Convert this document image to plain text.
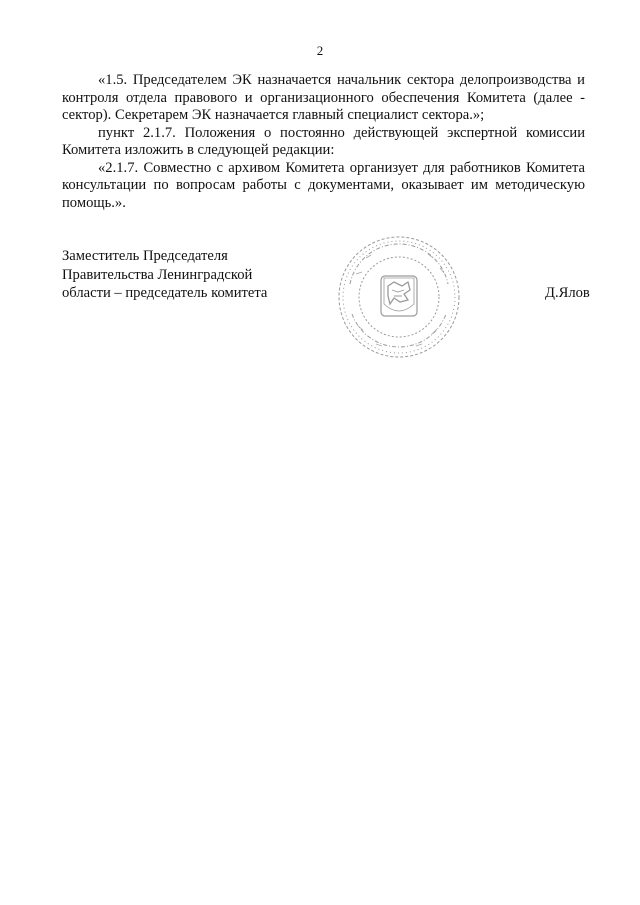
2

«1.5. Председателем ЭК назначается начальник сектора делопроизводства и контроля отдела правового и организационного обеспечения Комитета (далее - сектор). Секретарем ЭК назначается главный специалист сектора.»;

пункт 2.1.7. Положения о постоянно действующей экспертной комиссии Комитета изложить в следующей редакции:

«2.1.7. Совместно с архивом Комитета организует для работников Комитета консультации по вопросам работы с документами, оказывает им методическую помощь.».

Заместитель Председателя
Правительства Ленинградской
области – председатель комитета	Д.Ялов
